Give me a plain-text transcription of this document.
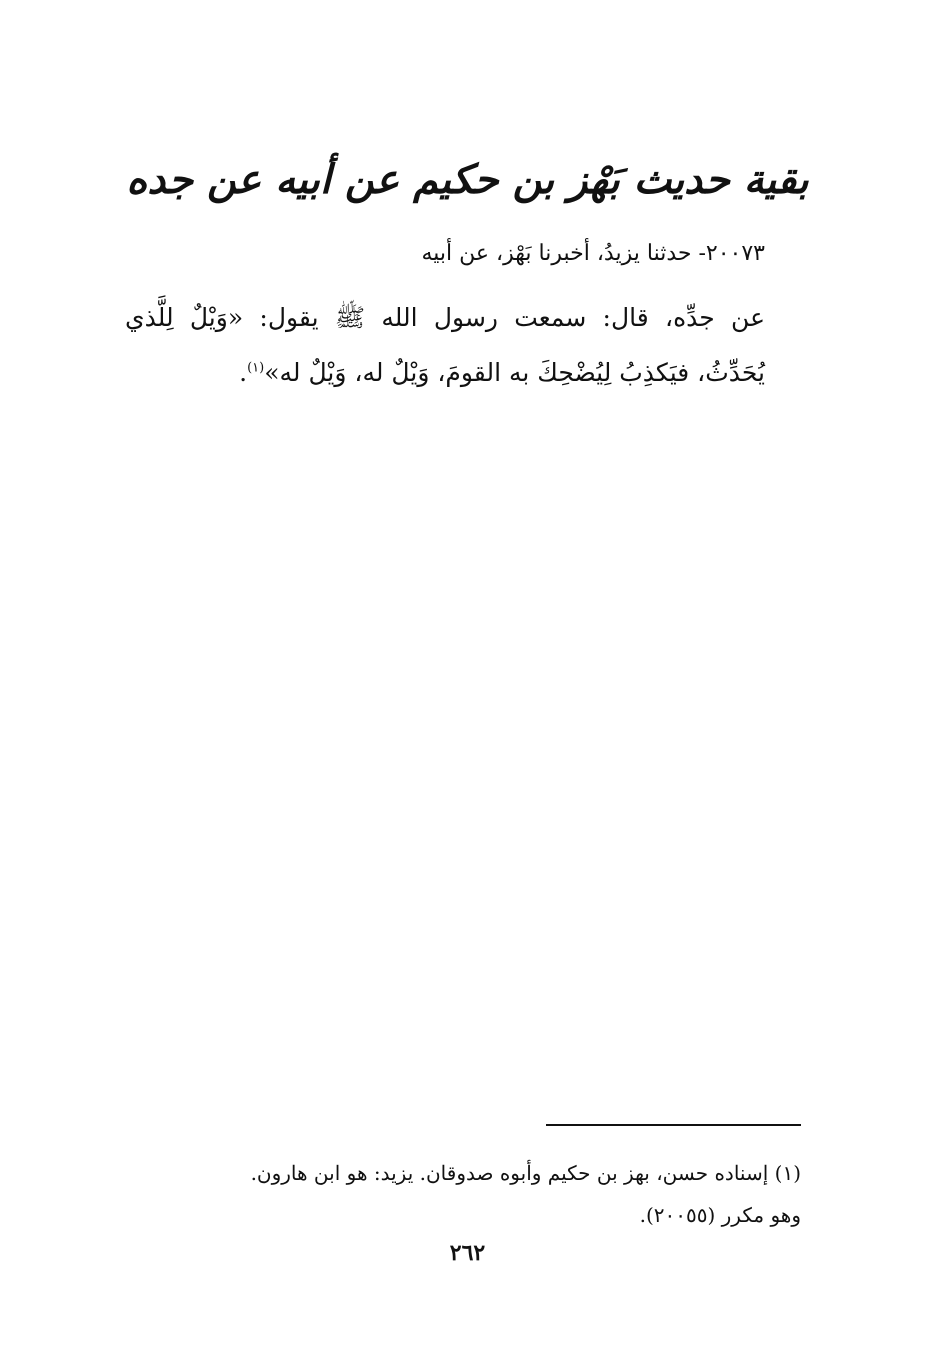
بقية حديث بَهْز بن حكيم عن أبيه عن جده
٢٠٠٧٣- حدثنا يزيدُ، أخبرنا بَهْز، عن أبيه
عن جدِّه، قال: سمعت رسول الله ﷺ يقول: «وَيْلٌ لِلَّذي يُحَدِّثُ، فيَكذِبُ لِيُضْحِكَ به القومَ، وَيْلٌ له، وَيْلٌ له»$^{(١)}$.
(١) إسناده حسن، بهز بن حكيم وأبوه صدوقان. يزيد: هو ابن هارون.
وهو مكرر (٢٠٠٥٥).
٢٦٢
